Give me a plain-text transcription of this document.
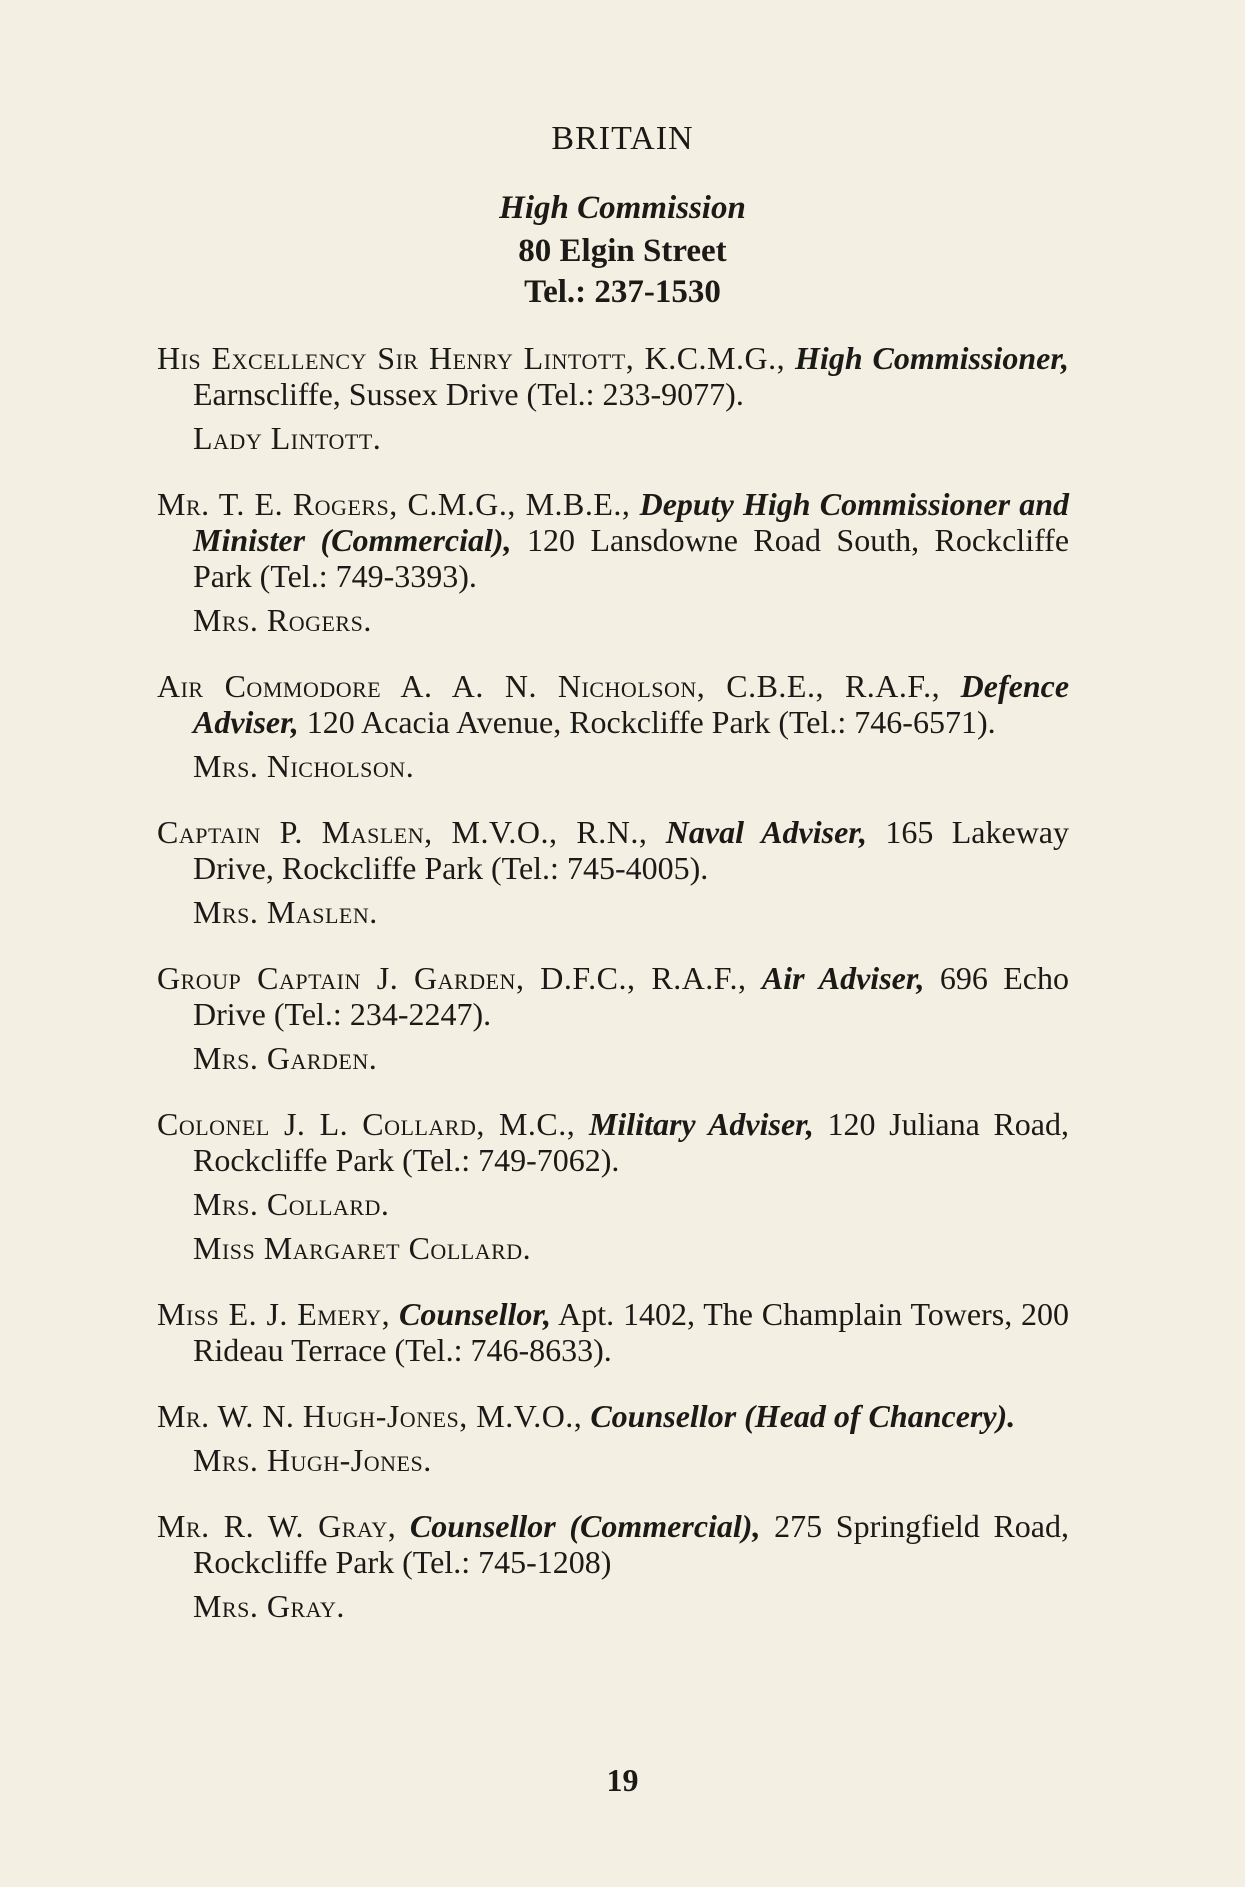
BRITAIN
High Commission
80 Elgin Street
Tel.: 237-1530

His Excellency Sir Henry Lintott, K.C.M.G., High Commissioner, Earnscliffe, Sussex Drive (Tel.: 233-9077).

Lady Lintott.

Mr. T. E. Rogers, C.M.G., M.B.E., Deputy High Commissioner and Minister (Commercial), 120 Lansdowne Road South, Rockcliffe Park (Tel.: 749-3393).

Mrs. Rogers.

Air Commodore A. A. N. Nicholson, C.B.E., R.A.F., Defence Adviser, 120 Acacia Avenue, Rockcliffe Park (Tel.: 746-6571).

Mrs. Nicholson.

Captain P. Maslen, M.V.O., R.N., Naval Adviser, 165 Lakeway Drive, Rockcliffe Park (Tel.: 745-4005).

Mrs. Maslen.

Group Captain J. Garden, D.F.C., R.A.F., Air Adviser, 696 Echo Drive (Tel.: 234-2247).

Mrs. Garden.

Colonel J. L. Collard, M.C., Military Adviser, 120 Juliana Road, Rockcliffe Park (Tel.: 749-7062).

Mrs. Collard.

Miss Margaret Collard.

Miss E. J. Emery, Counsellor, Apt. 1402, The Champlain Towers, 200 Rideau Terrace (Tel.: 746-8633).

Mr. W. N. Hugh-Jones, M.V.O., Counsellor (Head of Chancery).

Mrs. Hugh-Jones.

Mr. R. W. Gray, Counsellor (Commercial), 275 Springfield Road, Rockcliffe Park (Tel.: 745-1208)

Mrs. Gray.

19
